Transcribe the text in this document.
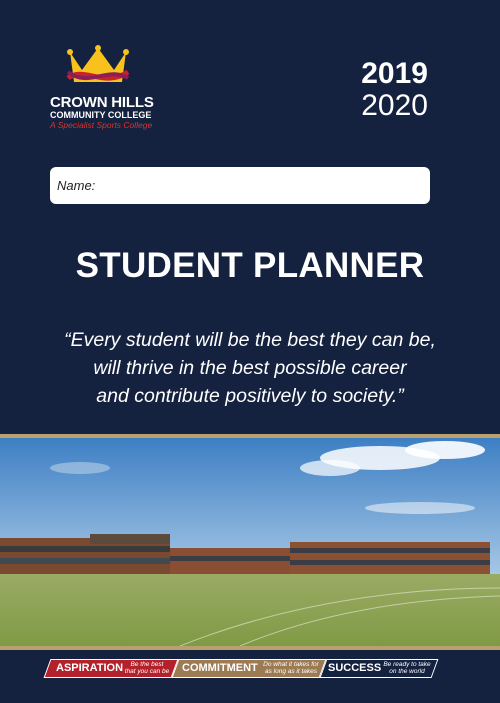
CROWN HILLS
COMMUNITY COLLEGE
A Specialist Sports College
2019
2020
Name:
STUDENT PLANNER
“Every student will be the best they can be,
will thrive in the best possible career
and contribute positively to society.”
ASPIRATION	Be the best
that you can be COMMITMENT Do what it takes for
as long as it takes SUCCESS Be ready to take
on the world
